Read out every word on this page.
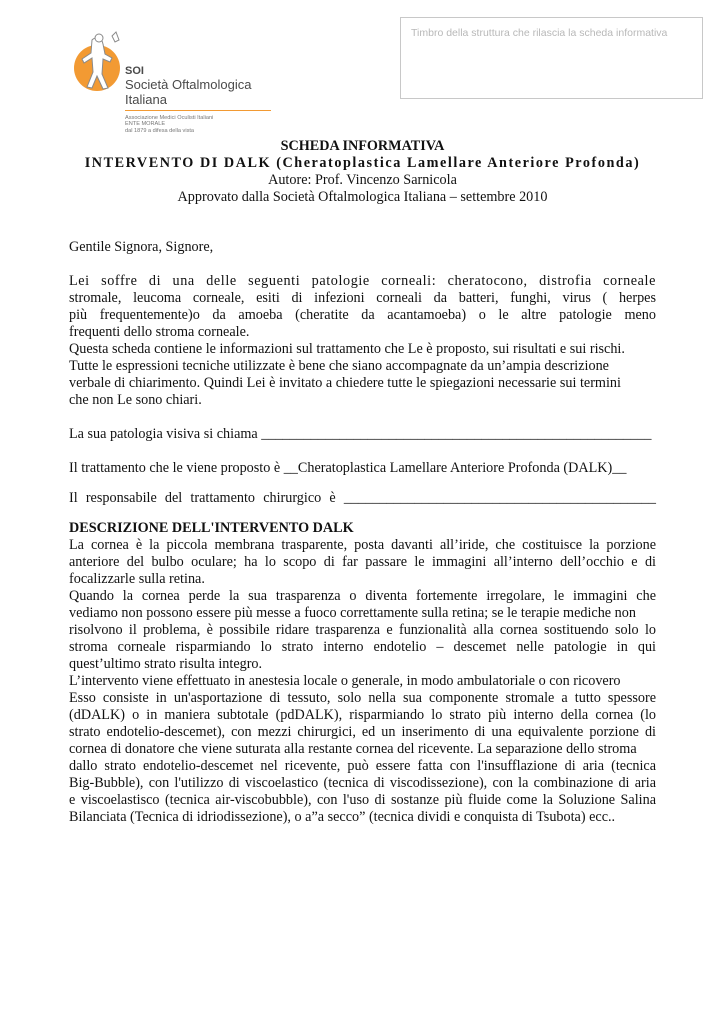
Timbro della struttura che rilascia la scheda informativa
SOI
Società Oftalmologica Italiana
Associazione Medici Oculisti Italiani
ENTE MORALE
dal 1879 a difesa della vista
SCHEDA INFORMATIVA
INTERVENTO DI DALK (Cheratoplastica Lamellare Anteriore Profonda)
Autore: Prof. Vincenzo Sarnicola
Approvato dalla Società Oftalmologica Italiana – settembre 2010
Gentile Signora, Signore,
Lei soffre di una delle seguenti patologie corneali: cheratocono, distrofia corneale
stromale, leucoma corneale, esiti di infezioni corneali da batteri, funghi, virus ( herpes
più frequentemente)o da amoeba (cheratite da acantamoeba) o le altre patologie meno
frequenti dello stroma corneale.
Questa scheda contiene le informazioni sul trattamento che Le è proposto, sui risultati e sui rischi.
Tutte le espressioni tecniche utilizzate è bene che siano accompagnate da un’ampia descrizione
verbale di chiarimento. Quindi Lei è invitato a chiedere tutte le spiegazioni necessarie sui termini
che non Le sono chiari.
La sua patologia visiva si chiama _______________________________________________________
Il trattamento che le viene proposto è __Cheratoplastica Lamellare Anteriore Profonda (DALK)__
Il responsabile del trattamento chirurgico è ____________________________________________
DESCRIZIONE DELL'INTERVENTO DALK
La cornea è la piccola membrana trasparente, posta davanti all’iride, che costituisce la porzione
anteriore del bulbo oculare; ha lo scopo di far passare le immagini all’interno dell’occhio e di
focalizzarle sulla retina.
Quando la cornea perde la sua trasparenza o diventa fortemente irregolare, le immagini che
vediamo non possono essere più messe a fuoco correttamente sulla retina; se le terapie mediche non
risolvono il problema, è possibile ridare trasparenza e funzionalità alla cornea sostituendo solo lo
stroma corneale risparmiando lo strato interno endotelio – descemet nelle patologie in qui
quest’ultimo strato risulta integro.
L’intervento viene effettuato in anestesia locale o generale, in modo ambulatoriale o con ricovero
Esso consiste in un'asportazione di tessuto, solo nella sua componente stromale a tutto spessore
(dDALK) o in maniera subtotale (pdDALK), risparmiando lo strato più interno della cornea (lo
strato endotelio-descemet), con mezzi chirurgici, ed un inserimento di una equivalente porzione di
cornea di donatore che viene suturata alla restante cornea del ricevente. La separazione dello stroma
dallo strato endotelio-descemet nel ricevente, può essere fatta con l'insufflazione di aria (tecnica
Big-Bubble), con l'utilizzo di viscoelastico (tecnica di viscodissezione), con la combinazione di aria
e viscoelastisco (tecnica air-viscobubble), con l'uso di sostanze più fluide come la Soluzione Salina
Bilanciata (Tecnica di idriodissezione), o a”a secco” (tecnica dividi e conquista di Tsubota) ecc..
